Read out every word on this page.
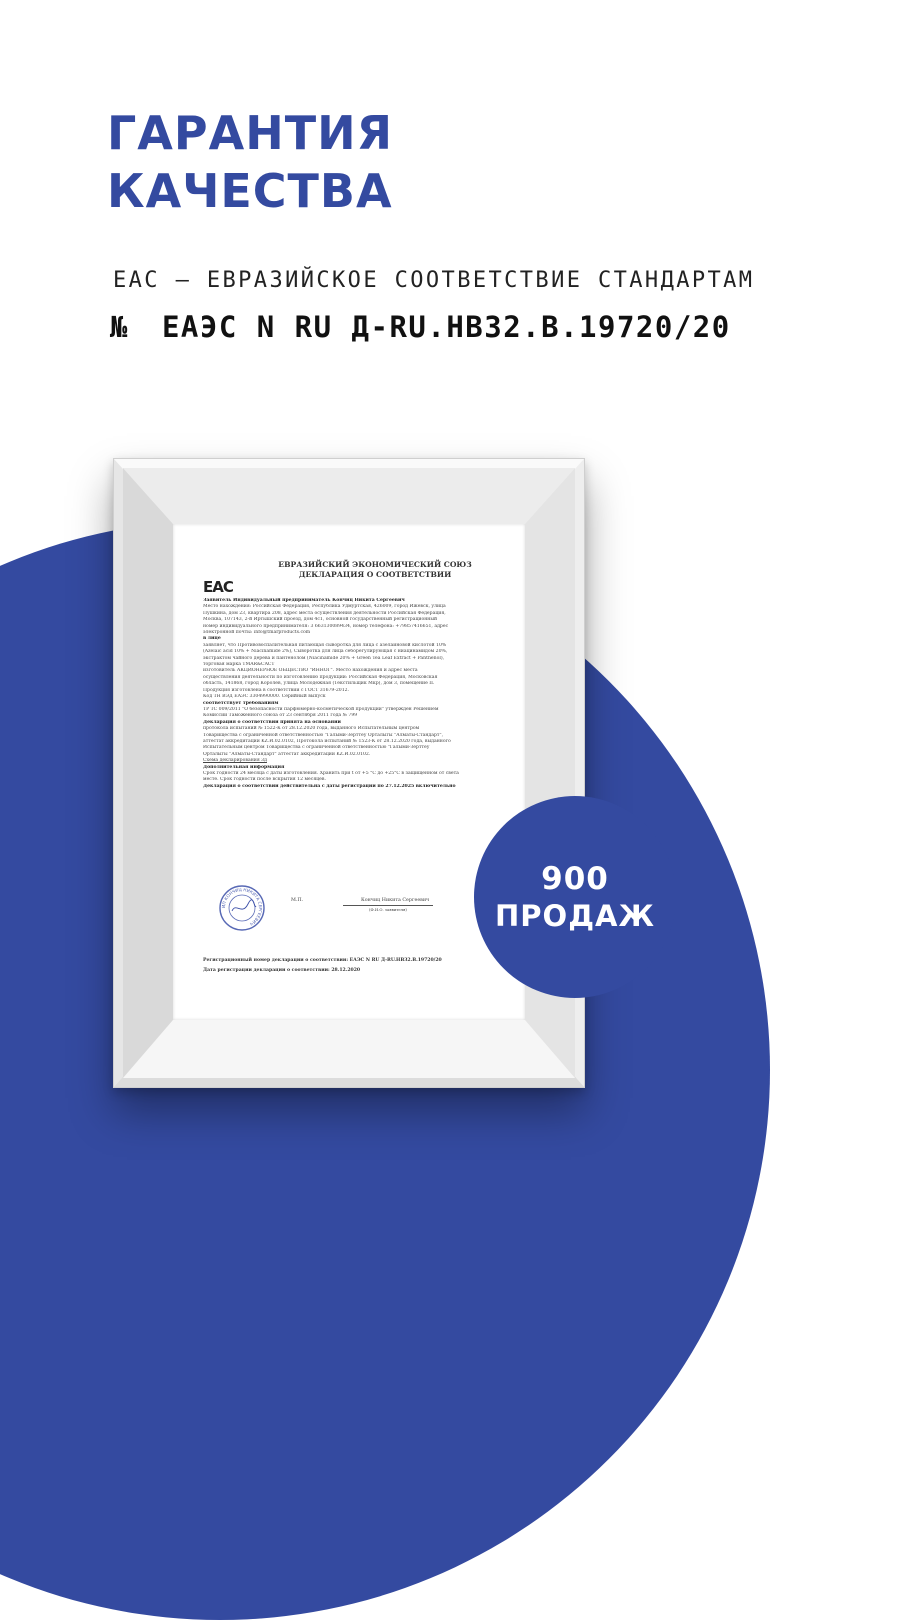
ГАРАНТИЯ
КАЧЕСТВА
EAC – ЕВРАЗИЙСКОЕ СООТВЕТСТВИЕ СТАНДАРТАМ
№ ЕАЭС N RU Д-RU.НВ32.В.19720/20
EAC
ЕВРАЗИЙСКИЙ ЭКОНОМИЧЕСКИЙ СОЮЗ
ДЕКЛАРАЦИЯ О СООТВЕТСТВИИ
Заявитель Индивидуальный предприниматель Кончиц Никита Сергеевич
Место нахождения: Российская Федерация, Республика Удмуртская, 426009, город Ижевск, улица
Пушкина, дом 23, квартира 208, адрес места осуществления деятельности Российская Федерация,
Москва, 107143, 2-й Иртышский проезд, дом 4с1, основной государственный регистрационный
номер индивидуального предпринимателя: 3 663130089434, номер телефона: +79857416651, адрес
электронной почты: info@tmarproducts.com
в лице
заявляет, что Противовоспалительная питающая сыворотка для лица с азелаиновой кислотой 10%
(Azelaic acid 10% + Niacinamide 2%), Сыворотка для лица себорегулирующая с ниацинамидом 20%,
экстрактом чайного дерева и пантенолом (Niacinamide 20% + Green Tea Leaf Extract + Panthenol),
торговая марка TMAR&CACT
изготовитель АКЦИОНЕРНОЕ ОБЩЕСТВО "ИННОГ". Место нахождения и адрес места
осуществления деятельности по изготовлению продукции: Российская Федерация, Московская
область, 141868, город Королёв, улица Молодежная (Текстильщик Мкр), дом 3, помещение II.
Продукция изготовлена в соответствии с ГОСТ 31679-2012.
Код ТН ВЭД ЕАЭС 3304990000. Серийный выпуск
соответствует требованиям
ТР ТС 009/2011 "О безопасности парфюмерно-косметической продукции" утверждён Решением
Комиссии Таможенного союза от 23 сентября 2011 года № 799
Декларация о соответствии принята на основании
протокола испытаний № 1522-К от 28.12.2020 года, выданного Испытательным центром
Товарищества с ограниченной ответственностью "Галыми-Зерттеу Орталыгы "Алматы-Стандарт",
аттестат аккредитации KZ.И.02.0102, Протокола испытаний № 1523-К от 28.12.2020 года, выданного
Испытательным центром Товарищества с ограниченной ответственностью "Галыми-Зерттеу
Орталыгы "Алматы-Стандарт" аттестат аккредитации KZ.И.02.0102.
Схема декларирования 3д
Дополнительная информация
Срок годности 24 месяца с даты изготовления. Хранить при t от +5 °С до +25°С в защищённом от света
месте. Срок годности после вскрытия 12 месяцев.
Декларация о соответствии действительна с даты регистрации по 27.12.2025 включительно
ИП КОНЧИЦ НИКИТА СЕРГЕЕВИЧ
М.П.	Кончиц Никита Сергеевич
(Ф.И.О. заявителя)
Регистрационный номер декларации о соответствии: ЕАЭС N RU Д-RU.НВ32.В.19720/20
Дата регистрации декларации о соответствии: 28.12.2020
900
ПРОДАЖ
